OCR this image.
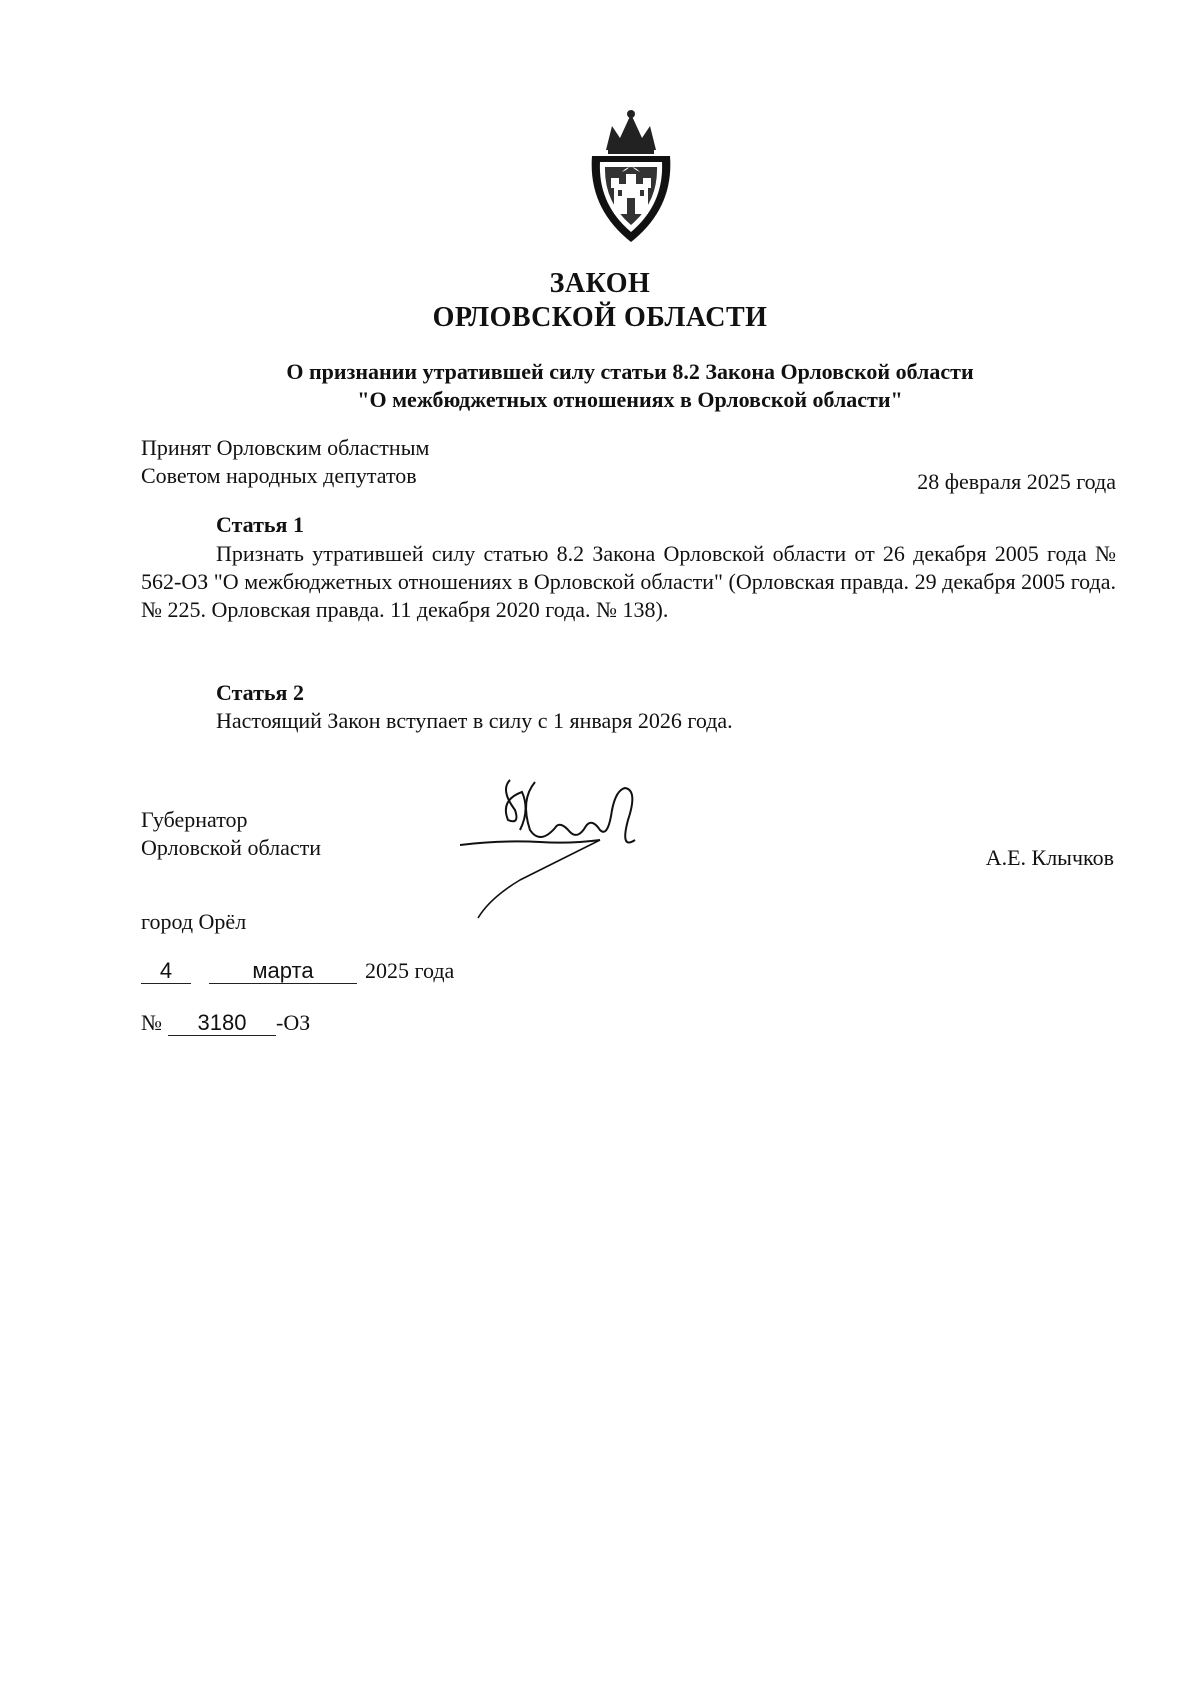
ЗАКОН
ОРЛОВСКОЙ ОБЛАСТИ
О признании утратившей силу статьи 8.2 Закона Орловской области
"О межбюджетных отношениях в Орловской области"
Принят Орловским областным
Советом народных депутатов	28 февраля 2025 года
Статья 1
Признать утратившей силу статью 8.2 Закона Орловской области от 26 декабря 2005 года № 562-ОЗ "О межбюджетных отношениях в Орловской области" (Орловская правда. 29 декабря 2005 года. № 225. Орловская правда. 11 декабря 2020 года. № 138).
Статья 2
Настоящий Закон вступает в силу с 1 января 2026 года.
Губернатор
Орловской области	А.Е. Клычков
город Орёл
4	марта 2025 года
№ 3180 -ОЗ
